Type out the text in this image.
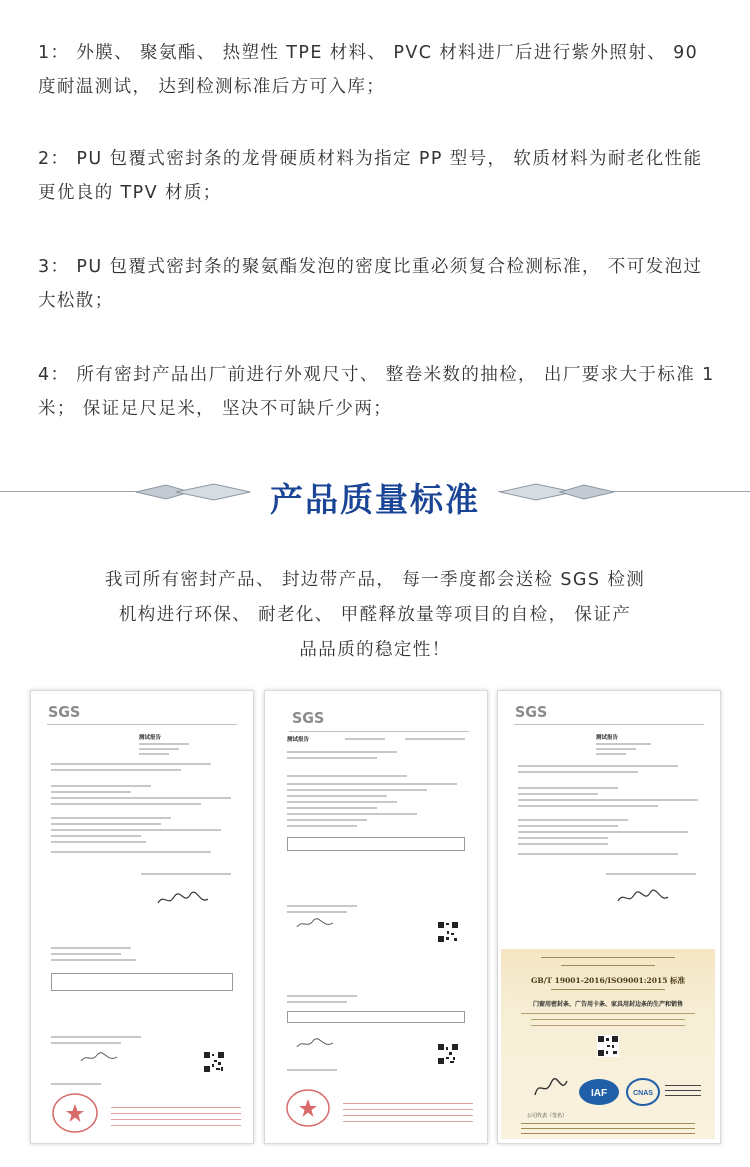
1： 外膜、 聚氨酯、 热塑性 TPE 材料、 PVC 材料进厂后进行紫外照射、 90 度耐温测试， 达到检测标准后方可入库；

2： PU 包覆式密封条的龙骨硬质材料为指定 PP 型号， 软质材料为耐老化性能更优良的 TPV 材质；

3： PU 包覆式密封条的聚氨酯发泡的密度比重必须复合检测标准， 不可发泡过大松散；

4： 所有密封产品出厂前进行外观尺寸、 整卷米数的抽检， 出厂要求大于标准 1 米； 保证足尺足米， 坚决不可缺斤少两；

产品质量标准
我司所有密封产品、 封边带产品， 每一季度都会送检 SGS 检测
机构进行环保、 耐老化、 甲醛释放量等项目的自检， 保证产
品品质的稳定性！
SGS
测试报告
SGS
测试报告
SGS
测试报告
GB/T 19001-2016/ISO9001:2015 标准
门窗用密封条、广告用卡条、家具用封边条的生产和销售
IAF	CNAS
公司代表（签名）
